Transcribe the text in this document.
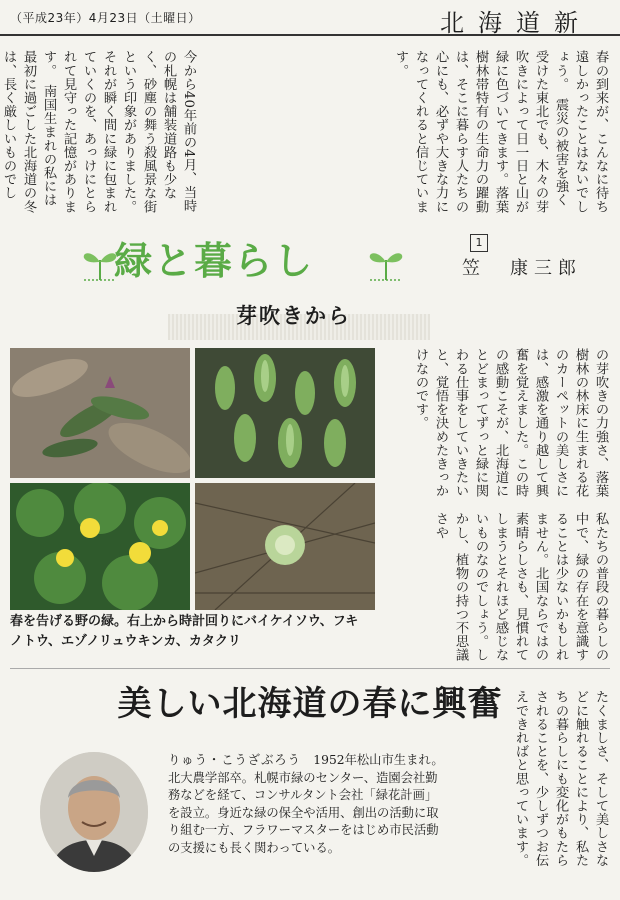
（平成23年）4月23日（土曜日）	北海道新

春の到来が、こんなに待ち遠しかったことはないでしょう。　震災の被害を強く受けた東北でも、木々の芽吹きによって日一日と山が緑に色づいてきます。落葉樹林帯特有の生命力の躍動は、そこに暮らす人たちの心にも、必ずや大きな力になってくれると信じています。

今から40年前の4月、当時の札幌は舗装道路も少なく、砂塵の舞う殺風景な街という印象がありました。それが瞬く間に緑に包まれていくのを、あっけにとられて見守った記憶があります。　南国生まれの私には最初に過ごした北海道の冬は、長く厳しいものでし

緑と暮らし	1
笠　康三郎
芽吹きから
春を告げる野の緑。右上から時計回りにバイケイソウ、フキノトウ、エゾノリュウキンカ、カタクリ

の芽吹きの力強さ、落葉樹林の林床に生まれる花のカーペットの美しさには、感激を通り越して興奮を覚えました。この時の感動こそが、北海道にとどまってずっと緑に関わる仕事をしていきたいと、覚悟を決めたきっかけなのです。

私たちの普段の暮らしの中で、緑の存在を意識することは少ないかもしれません。北国ならではの素晴らしさも、見慣れてしまうとそれほど感じないものなのでしょう。しかし、植物の持つ不思議さや

美しい北海道の春に興奮
りゅう・こうざぶろう　 1952年松山市生まれ。北大農学部卒。札幌市緑のセンター、造園会社勤務などを経て、コンサルタント会社「緑花計画」を設立。身近な緑の保全や活用、創出の活動に取り組む一方、フラワーマスターをはじめ市民活動の支援にも長く関わっている。	たくましさ、そして美しさなどに触れることにより、私たちの暮らしにも変化がもたらされることを、少しずつお伝えできればと思っています。
